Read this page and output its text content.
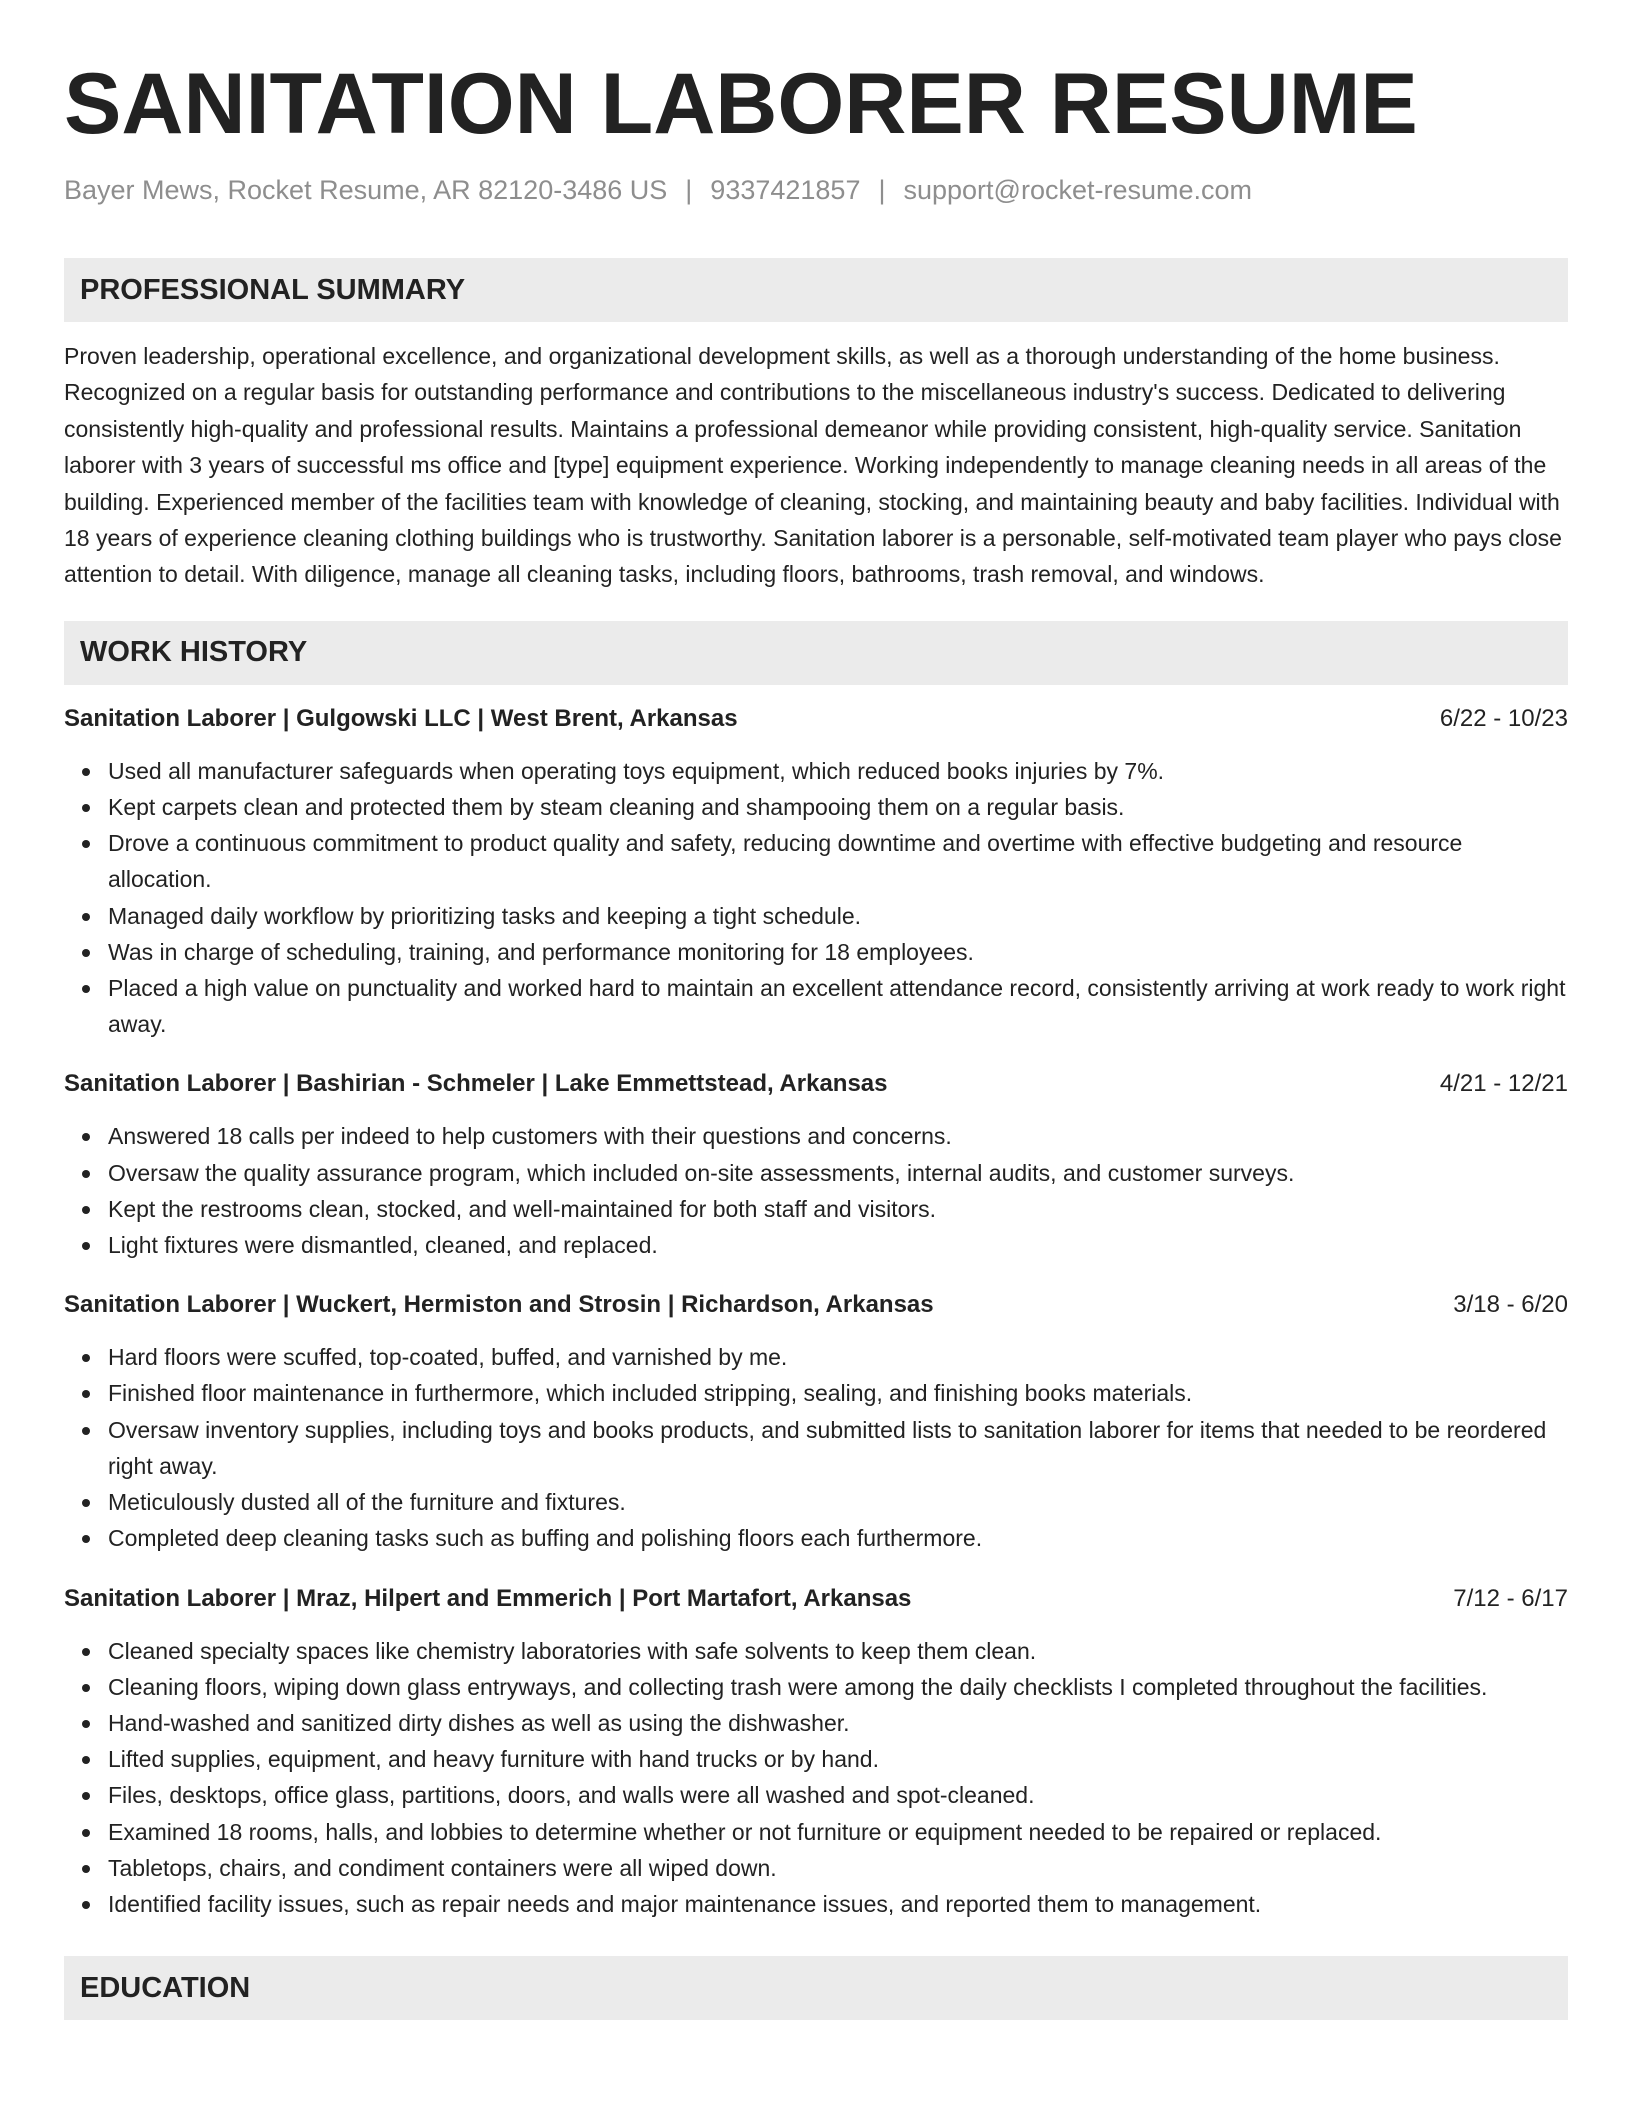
SANITATION LABORER RESUME
Bayer Mews, Rocket Resume, AR 82120-3486 US | 9337421857 | support@rocket-resume.com
PROFESSIONAL SUMMARY

Proven leadership, operational excellence, and organizational development skills, as well as a thorough understanding of the home business. Recognized on a regular basis for outstanding performance and contributions to the miscellaneous industry's success. Dedicated to delivering consistently high-quality and professional results. Maintains a professional demeanor while providing consistent, high-quality service. Sanitation laborer with 3 years of successful ms office and [type] equipment experience. Working independently to manage cleaning needs in all areas of the building. Experienced member of the facilities team with knowledge of cleaning, stocking, and maintaining beauty and baby facilities. Individual with 18 years of experience cleaning clothing buildings who is trustworthy. Sanitation laborer is a personable, self-motivated team player who pays close attention to detail. With diligence, manage all cleaning tasks, including floors, bathrooms, trash removal, and windows.

WORK HISTORY
Sanitation Laborer | Gulgowski LLC | West Brent, Arkansas	6/22 - 10/23
Used all manufacturer safeguards when operating toys equipment, which reduced books injuries by 7%.
Kept carpets clean and protected them by steam cleaning and shampooing them on a regular basis.
Drove a continuous commitment to product quality and safety, reducing downtime and overtime with effective budgeting and resource allocation.
Managed daily workflow by prioritizing tasks and keeping a tight schedule.
Was in charge of scheduling, training, and performance monitoring for 18 employees.
Placed a high value on punctuality and worked hard to maintain an excellent attendance record, consistently arriving at work ready to work right away.
Sanitation Laborer | Bashirian - Schmeler | Lake Emmettstead, Arkansas	4/21 - 12/21
Answered 18 calls per indeed to help customers with their questions and concerns.
Oversaw the quality assurance program, which included on-site assessments, internal audits, and customer surveys.
Kept the restrooms clean, stocked, and well-maintained for both staff and visitors.
Light fixtures were dismantled, cleaned, and replaced.
Sanitation Laborer | Wuckert, Hermiston and Strosin | Richardson, Arkansas	3/18 - 6/20
Hard floors were scuffed, top-coated, buffed, and varnished by me.
Finished floor maintenance in furthermore, which included stripping, sealing, and finishing books materials.
Oversaw inventory supplies, including toys and books products, and submitted lists to sanitation laborer for items that needed to be reordered right away.
Meticulously dusted all of the furniture and fixtures.
Completed deep cleaning tasks such as buffing and polishing floors each furthermore.
Sanitation Laborer | Mraz, Hilpert and Emmerich | Port Martafort, Arkansas	7/12 - 6/17
Cleaned specialty spaces like chemistry laboratories with safe solvents to keep them clean.
Cleaning floors, wiping down glass entryways, and collecting trash were among the daily checklists I completed throughout the facilities.
Hand-washed and sanitized dirty dishes as well as using the dishwasher.
Lifted supplies, equipment, and heavy furniture with hand trucks or by hand.
Files, desktops, office glass, partitions, doors, and walls were all washed and spot-cleaned.
Examined 18 rooms, halls, and lobbies to determine whether or not furniture or equipment needed to be repaired or replaced.
Tabletops, chairs, and condiment containers were all wiped down.
Identified facility issues, such as repair needs and major maintenance issues, and reported them to management.
EDUCATION
